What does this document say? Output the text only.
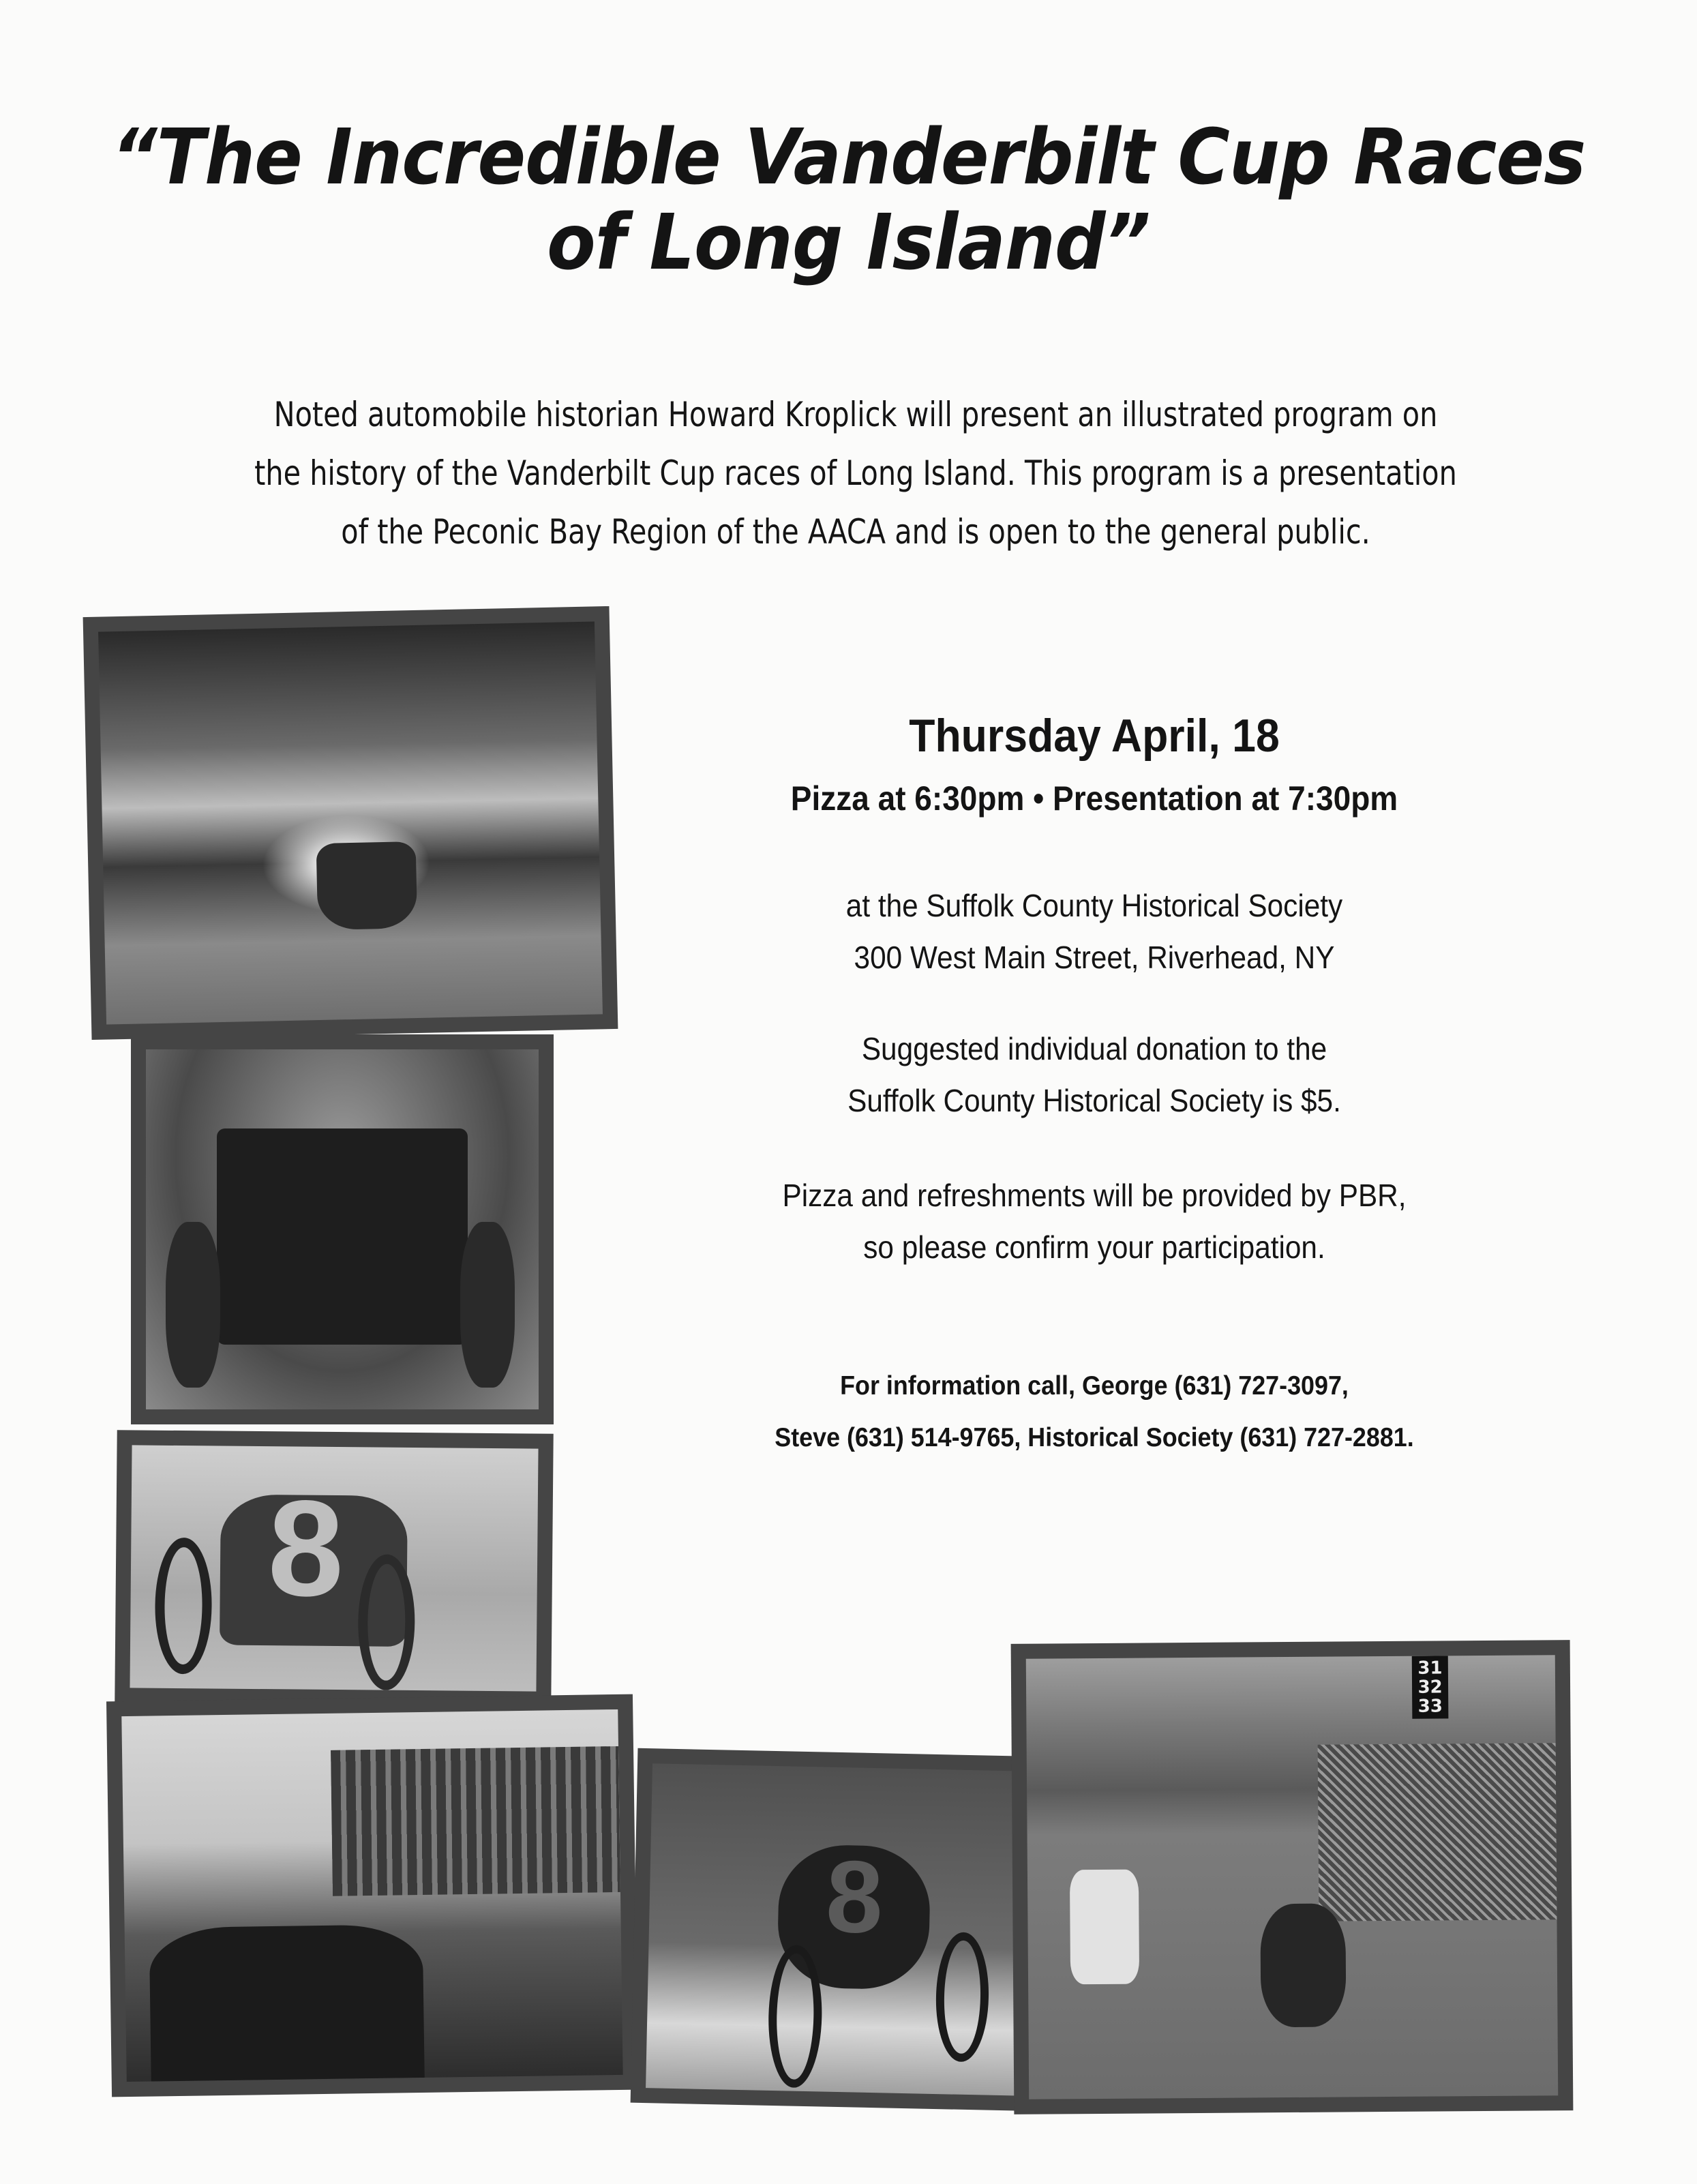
“The Incredible Vanderbilt Cup Races
of Long Island”
Noted automobile historian Howard Kroplick will present an illustrated program on
the history of the Vanderbilt Cup races of Long Island. This program is a presentation
of the Peconic Bay Region of the AACA and is open to the general public.
Thursday April, 18
Pizza at 6:30pm • Presentation at 7:30pm
at the Suffolk County Historical Society
300 West Main Street, Riverhead, NY
Suggested individual donation to the
Suffolk County Historical Society is $5.
Pizza and refreshments will be provided by PBR,
so please confirm your participation.
For information call, George (631) 727-3097,
Steve (631) 514-9765, Historical Society (631) 727-2881.
8
8
31
32
33
